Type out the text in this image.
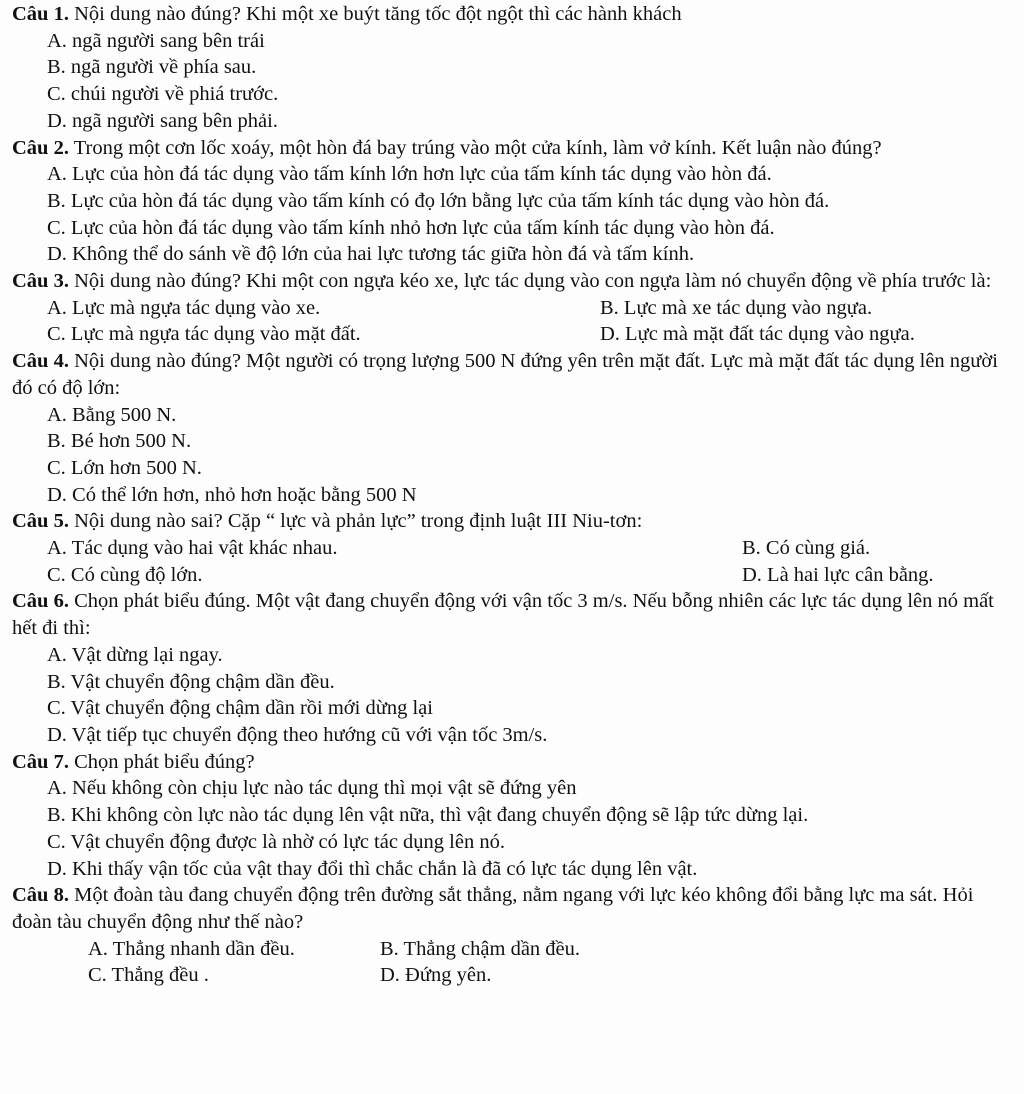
Câu 1. Nội dung nào đúng? Khi một xe buýt tăng tốc đột ngột thì các hành khách
A. ngã người sang bên trái
B. ngã người về phía sau.
C. chúi người về phiá trước.
D. ngã người sang bên phải.
Câu 2. Trong một cơn lốc xoáy, một hòn đá bay trúng vào một cửa kính, làm vở kính. Kết luận nào đúng?
A. Lực của hòn đá tác dụng vào tấm kính lớn hơn lực của tấm kính tác dụng vào hòn đá.
B. Lực của hòn đá tác dụng vào tấm kính có đọ lớn bằng lực của tấm kính tác dụng vào hòn đá.
C. Lực của hòn đá tác dụng vào tấm kính nhỏ hơn lực của tấm kính tác dụng vào hòn đá.
D. Không thể do sánh về độ lớn của hai lực tương tác giữa hòn đá và tấm kính.
Câu 3. Nội dung nào đúng? Khi một con ngựa kéo xe, lực tác dụng vào con ngựa làm nó chuyển động về phía trước là:
A. Lực mà ngựa tác dụng vào xe.	B. Lực mà xe tác dụng vào ngựa.
C. Lực mà ngựa tác dụng vào mặt đất.	D. Lực mà mặt đất tác dụng vào ngựa.
Câu 4. Nội dung nào đúng? Một người có trọng lượng 500 N đứng yên trên mặt đất. Lực mà mặt đất tác dụng lên người đó có độ lớn:
A. Bằng 500 N.
B. Bé hơn 500 N.
C. Lớn hơn 500 N.
D. Có thể lớn hơn, nhỏ hơn hoặc bằng 500 N
Câu 5. Nội dung nào sai? Cặp “ lực và phản lực” trong định luật III Niu-tơn:
A. Tác dụng vào hai vật khác nhau.	B. Có cùng giá.
C. Có cùng độ lớn.	D. Là hai lực cân bằng.
Câu 6. Chọn phát biểu đúng. Một vật đang chuyển động với vận tốc 3 m/s. Nếu bỗng nhiên các lực tác dụng lên nó mất hết đi thì:
A. Vật dừng lại ngay.
B. Vật chuyển động chậm dần đều.
C. Vật chuyển động chậm dần rồi mới dừng lại
D. Vật tiếp tục chuyển động theo hướng cũ với vận tốc 3m/s.
Câu 7. Chọn phát biểu đúng?
A. Nếu không còn chịu lực nào tác dụng thì mọi vật sẽ đứng yên
B. Khi không còn lực nào tác dụng lên vật nữa, thì vật đang chuyển động sẽ lập tức dừng lại.
C. Vật chuyển động được là nhờ có lực tác dụng lên nó.
D. Khi thấy vận tốc của vật thay đổi thì chắc chắn là đã có lực tác dụng lên vật.
Câu 8. Một đoàn tàu đang chuyển động trên đường sắt thẳng, nằm ngang với lực kéo không đổi bằng lực ma sát. Hỏi đoàn tàu chuyển động như thế nào?
A. Thẳng nhanh dần đều.	B. Thẳng chậm dần đều.
C. Thẳng đều .	D. Đứng yên.
